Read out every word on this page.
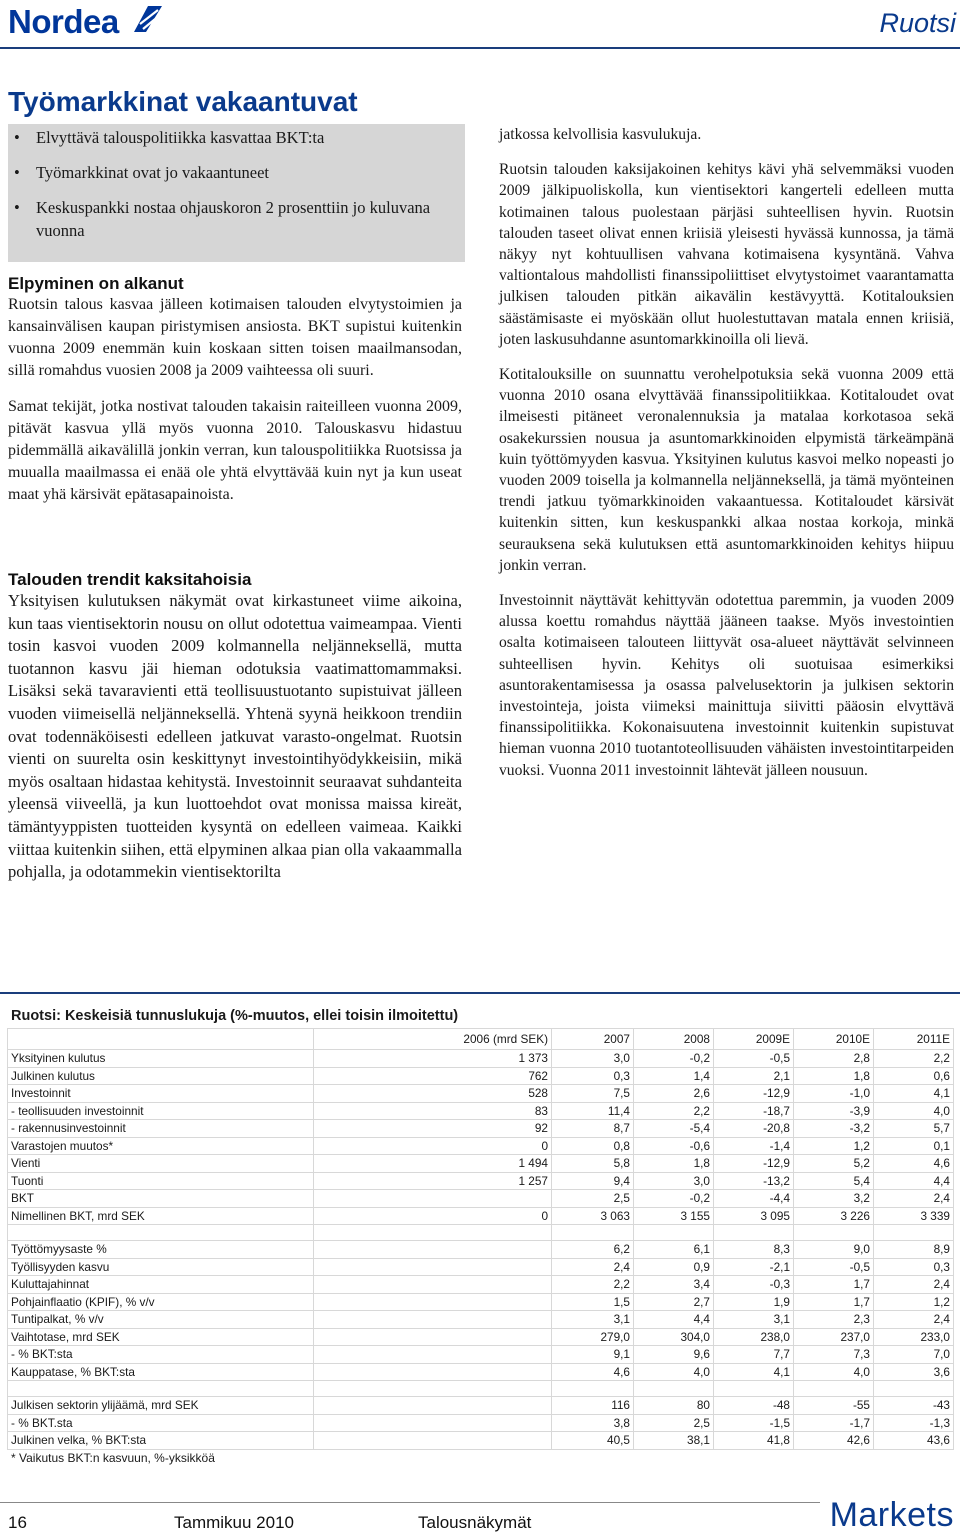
Nordea	Ruotsi
Työmarkkinat vakaantuvat
• Elvyttävä talouspolitiikka kasvattaa BKT:ta
• Työmarkkinat ovat jo vakaantuneet
• Keskuspankki nostaa ohjauskoron 2 prosenttiin jo kuluvana vuonna
Elpyminen on alkanut
Ruotsin talous kasvaa jälleen kotimaisen talouden elvytystoimien ja kansainvälisen kaupan piristymisen ansiosta. BKT supistui kuitenkin vuonna 2009 enemmän kuin koskaan sitten toisen maailmansodan, sillä romahdus vuosien 2008 ja 2009 vaihteessa oli suuri.
Samat tekijät, jotka nostivat talouden takaisin raiteilleen vuonna 2009, pitävät kasvua yllä myös vuonna 2010. Talouskasvu hidastuu pidemmällä aikavälillä jonkin verran, kun talouspolitiikka Ruotsissa ja muualla maailmassa ei enää ole yhtä elvyttävää kuin nyt ja kun useat maat yhä kärsivät epätasapainoista.
Talouden trendit kaksitahoisia
Yksityisen kulutuksen näkymät ovat kirkastuneet viime aikoina, kun taas vientisektorin nousu on ollut odotettua vaimeampaa. Vienti tosin kasvoi vuoden 2009 kolmannella neljänneksellä, mutta tuotannon kasvu jäi hieman odotuksia vaatimattomammaksi. Lisäksi sekä tavaravienti että teollisuustuotanto supistuivat jälleen vuoden viimeisellä neljänneksellä. Yhtenä syynä heikkoon trendiin ovat todennäköisesti edelleen jatkuvat varasto-ongelmat. Ruotsin vienti on suurelta osin keskittynyt investointihyödykkeisiin, mikä myös osaltaan hidastaa kehitystä. Investoinnit seuraavat suhdanteita yleensä viiveellä, ja kun luottoehdot ovat monissa maissa kireät, tämäntyyppisten tuotteiden kysyntä on edelleen vaimeaa. Kaikki viittaa kuitenkin siihen, että elpyminen alkaa pian olla vakaammalla pohjalla, ja odotammekin vientisektorilta
jatkossa kelvollisia kasvulukuja.
Ruotsin talouden kaksijakoinen kehitys kävi yhä selvemmäksi vuoden 2009 jälkipuoliskolla, kun vientisektori kangerteli edelleen mutta kotimainen talous puolestaan pärjäsi suhteellisen hyvin. Ruotsin talouden taseet olivat ennen kriisiä yleisesti hyvässä kunnossa, ja tämä näkyy nyt kohtuullisen vahvana kotimaisena kysyntänä. Vahva valtiontalous mahdollisti finanssipoliittiset elvytystoimet vaarantamatta julkisen talouden pitkän aikavälin kestävyyttä. Kotitalouksien säästämisaste ei myöskään ollut huolestuttavan matala ennen kriisiä, joten laskusuhdanne asuntomarkkinoilla oli lievä.
Kotitalouksille on suunnattu verohelpotuksia sekä vuonna 2009 että vuonna 2010 osana elvyttävää finanssipolitiikkaa. Kotitaloudet ovat ilmeisesti pitäneet veronalennuksia ja matalaa korkotasoa sekä osakekurssien nousua ja asuntomarkkinoiden elpymistä tärkeämpänä kuin työttömyyden kasvua. Yksityinen kulutus kasvoi melko nopeasti jo vuoden 2009 toisella ja kolmannella neljänneksellä, ja tämä myönteinen trendi jatkuu työmarkkinoiden vakaantuessa. Kotitaloudet kärsivät kuitenkin sitten, kun keskuspankki alkaa nostaa korkoja, minkä seurauksena sekä kulutuksen että asuntomarkkinoiden kehitys hiipuu jonkin verran.
Investoinnit näyttävät kehittyvän odotettua paremmin, ja vuoden 2009 alussa koettu romahdus näyttää jääneen taakse. Myös investointien osalta kotimaiseen talouteen liittyvät osa-alueet näyttävät selvinneen suhteellisen hyvin. Kehitys oli suotuisaa esimerkiksi asuntorakentamisessa ja osassa palvelusektorin ja julkisen sektorin investointeja, joista viimeksi mainittuja siivitti pääosin elvyttävä finanssipolitiikka. Kokonaisuutena investoinnit kuitenkin supistuvat hieman vuonna 2010 tuotantoteollisuuden vähäisten investointitarpeiden vuoksi. Vuonna 2011 investoinnit lähtevät jälleen nousuun.
Ruotsi: Keskeisiä tunnuslukuja (%-muutos, ellei toisin ilmoitettu)
	2006 (mrd SEK)	2007	2008	2009E	2010E	2011E
Yksityinen kulutus	1 373	3,0	-0,2	-0,5	2,8	2,2
Julkinen kulutus	762	0,3	1,4	2,1	1,8	0,6
Investoinnit	528	7,5	2,6	-12,9	-1,0	4,1
- teollisuuden investoinnit	83	11,4	2,2	-18,7	-3,9	4,0
- rakennusinvestoinnit	92	8,7	-5,4	-20,8	-3,2	5,7
Varastojen muutos*	0	0,8	-0,6	-1,4	1,2	0,1
Vienti	1 494	5,8	1,8	-12,9	5,2	4,6
Tuonti	1 257	9,4	3,0	-13,2	5,4	4,4
BKT		2,5	-0,2	-4,4	3,2	2,4
Nimellinen BKT, mrd SEK	0	3 063	3 155	3 095	3 226	3 339

Työttömyysaste %		6,2	6,1	8,3	9,0	8,9
Työllisyyden kasvu		2,4	0,9	-2,1	-0,5	0,3
Kuluttajahinnat		2,2	3,4	-0,3	1,7	2,4
Pohjainflaatio (KPIF), % v/v		1,5	2,7	1,9	1,7	1,2
Tuntipalkat, % v/v		3,1	4,4	3,1	2,3	2,4
Vaihtotase, mrd SEK		279,0	304,0	238,0	237,0	233,0
- % BKT:sta		9,1	9,6	7,7	7,3	7,0
Kauppatase, % BKT:sta		4,6	4,0	4,1	4,0	3,6

Julkisen sektorin ylijäämä, mrd SEK		116	80	-48	-55	-43
- % BKT.sta		3,8	2,5	-1,5	-1,7	-1,3
Julkinen velka, % BKT:sta		40,5	38,1	41,8	42,6	43,6
* Vaikutus BKT:n kasvuun, %-yksikköä
16	Tammikuu 2010	Talousnäkymät	Markets
